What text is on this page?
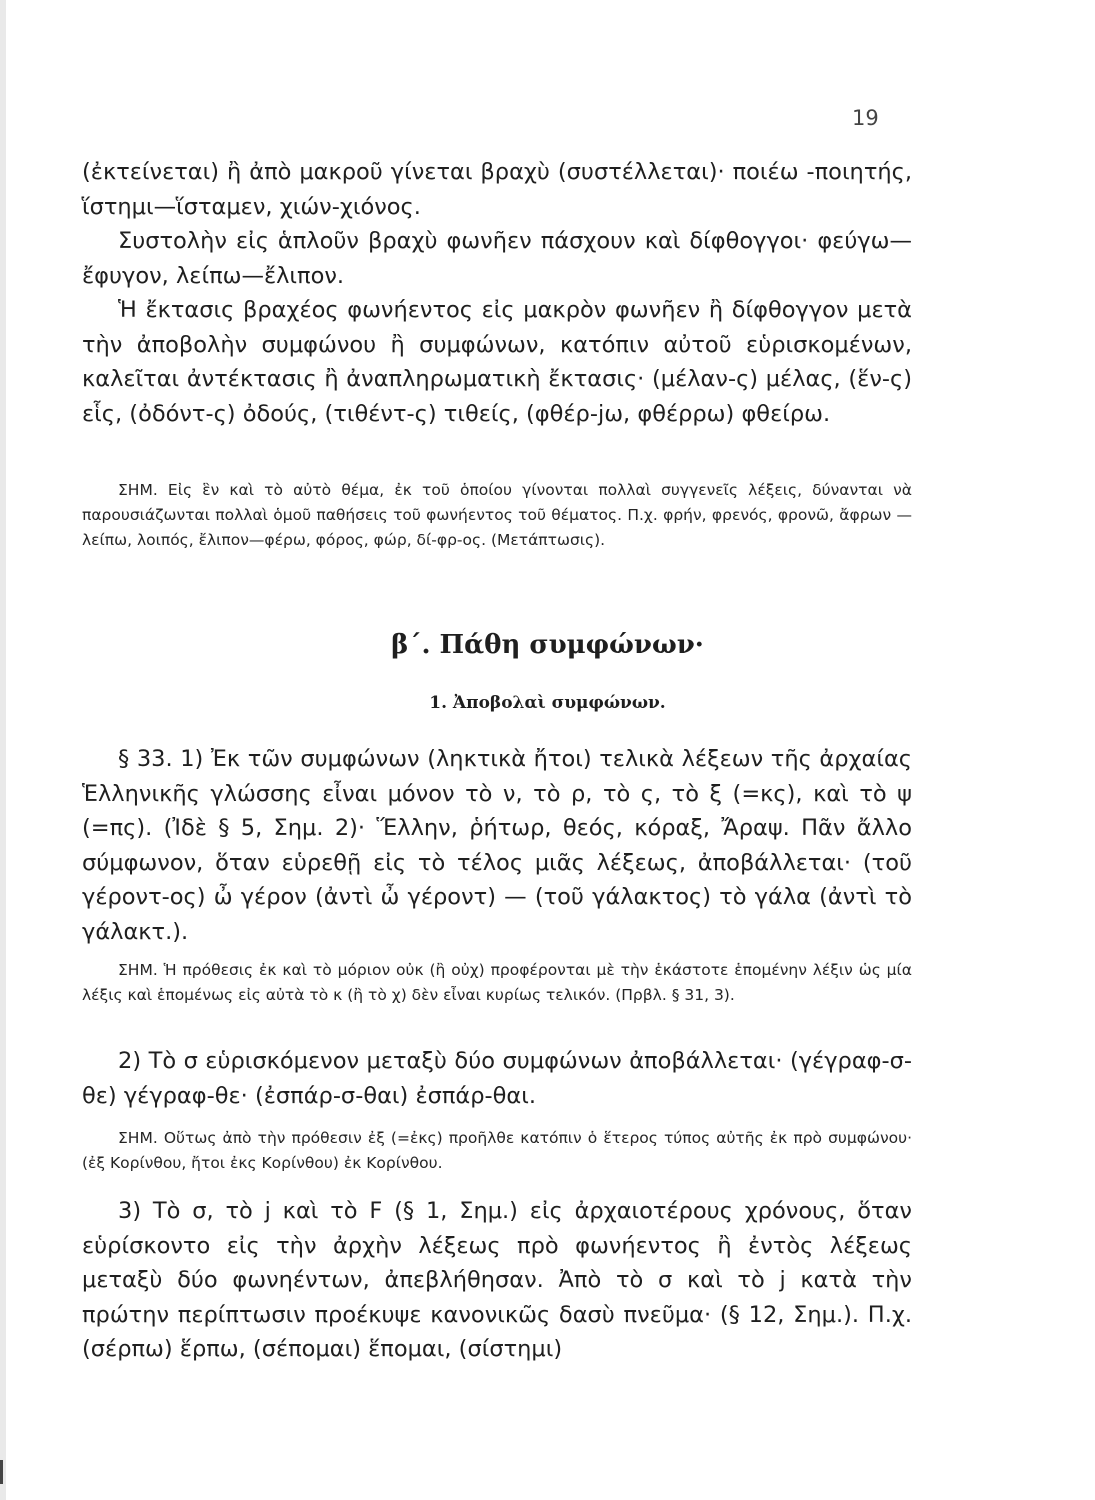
19

(ἐκτείνεται) ἢ ἀπὸ μακροῦ γίνεται βραχὺ (συστέλλεται)· ποιέω -ποιητής, ἵστημι—ἵσταμεν, χιών-χιόνος.

Συστολὴν εἰς ἁπλοῦν βραχὺ φωνῆεν πάσχουν καὶ δίφθογγοι· φεύγω—ἔφυγον, λείπω—ἔλιπον.

Ἡ ἔκτασις βραχέος φωνήεντος εἰς μακρὸν φωνῆεν ἢ δίφθογγον μετὰ τὴν ἀποβολὴν συμφώνου ἢ συμφώνων, κατόπιν αὐτοῦ εὑρισκομένων, καλεῖται ἀντέκτασις ἢ ἀναπληρωματικὴ ἔκτασις· (μέλαν-ς) μέλας, (ἕν-ς) εἷς, (ὀδόντ-ς) ὀδούς, (τιθέντ-ς) τιθείς, (φθέρ-jω, φθέρρω) φθείρω.

ΣΗΜ. Εἰς ἓν καὶ τὸ αὐτὸ θέμα, ἐκ τοῦ ὁποίου γίνονται πολλαὶ συγγενεῖς λέξεις, δύνανται νὰ παρουσιάζωνται πολλαὶ ὁμοῦ παθήσεις τοῦ φωνήεντος τοῦ θέματος. Π.χ. φρήν, φρενός, φρονῶ, ἄφρων — λείπω, λοιπός, ἔλιπον—φέρω, φόρος, φώρ, δί-φρ-ος. (Μετάπτωσις).

β΄. Πάθη συμφώνων·
1. Ἀποβολαὶ συμφώνων.

§ 33. 1) Ἐκ τῶν συμφώνων (ληκτικὰ ἤτοι) τελικὰ λέξεων τῆς ἀρχαίας Ἑλληνικῆς γλώσσης εἶναι μόνον τὸ ν, τὸ ρ, τὸ ς, τὸ ξ (=κς), καὶ τὸ ψ (=πς). (Ἰδὲ § 5, Σημ. 2)· Ἕλλην, ῥήτωρ, θεός, κόραξ, Ἄραψ. Πᾶν ἄλλο σύμφωνον, ὅταν εὑρεθῇ εἰς τὸ τέλος μιᾶς λέξεως, ἀποβάλλεται· (τοῦ γέροντ-ος) ὦ γέρον (ἀντὶ ὦ γέροντ) — (τοῦ γάλακτος) τὸ γάλα (ἀντὶ τὸ γάλακτ.).

ΣΗΜ. Ἡ πρόθεσις ἐκ καὶ τὸ μόριον οὐκ (ἢ οὐχ) προφέρονται μὲ τὴν ἑκάστοτε ἑπομένην λέξιν ὡς μία λέξις καὶ ἑπομένως εἰς αὐτὰ τὸ κ (ἢ τὸ χ) δὲν εἶναι κυρίως τελικόν. (Πρβλ. § 31, 3).

2) Τὸ σ εὑρισκόμενον μεταξὺ δύο συμφώνων ἀποβάλλεται· (γέγραφ-σ-θε) γέγραφ-θε· (ἐσπάρ-σ-θαι) ἐσπάρ-θαι.

ΣΗΜ. Οὕτως ἀπὸ τὴν πρόθεσιν ἐξ (=ἐκς) προῆλθε κατόπιν ὁ ἕτερος τύπος αὐτῆς ἐκ πρὸ συμφώνου· (ἐξ Κορίνθου, ἤτοι ἐκς Κορίνθου) ἐκ Κορίνθου.

3) Τὸ σ, τὸ j καὶ τὸ F (§ 1, Σημ.) εἰς ἀρχαιοτέρους χρόνους, ὅταν εὑρίσκοντο εἰς τὴν ἀρχὴν λέξεως πρὸ φωνήεντος ἢ ἐντὸς λέξεως μεταξὺ δύο φωνηέντων, ἀπεβλήθησαν. Ἀπὸ τὸ σ καὶ τὸ j κατὰ τὴν πρώτην περίπτωσιν προέκυψε κανονικῶς δασὺ πνεῦμα· (§ 12, Σημ.). Π.χ. (σέρπω) ἕρπω, (σέπομαι) ἕπομαι, (σίστημι)
